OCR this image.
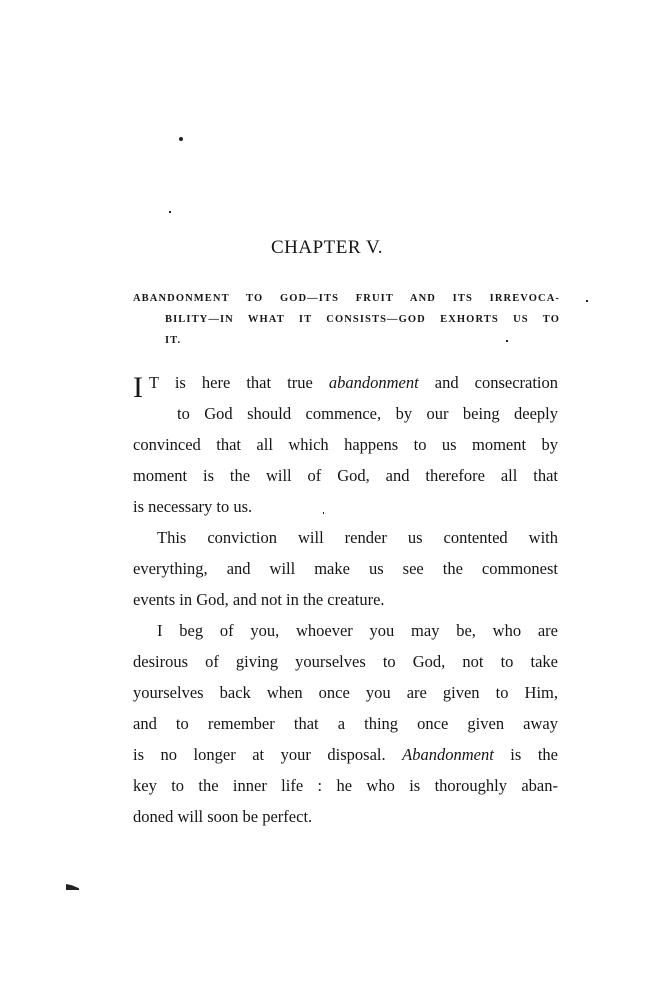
CHAPTER V.
ABANDONMENT TO GOD—ITS FRUIT AND ITS IRREVOCA-
BILITY—IN WHAT IT CONSISTS—GOD EXHORTS US TO
IT.
I T is here that true abandonment and consecration
to God should commence, by our being deeply
convinced that all which happens to us moment by
moment is the will of God, and therefore all that
is necessary to us.
This conviction will render us contented with
everything, and will make us see the commonest
events in God, and not in the creature.
I beg of you, whoever you may be, who are
desirous of giving yourselves to God, not to take
yourselves back when once you are given to Him,
and to remember that a thing once given away
is no longer at your disposal. Abandonment is the
key to the inner life : he who is thoroughly aban-
doned will soon be perfect.
